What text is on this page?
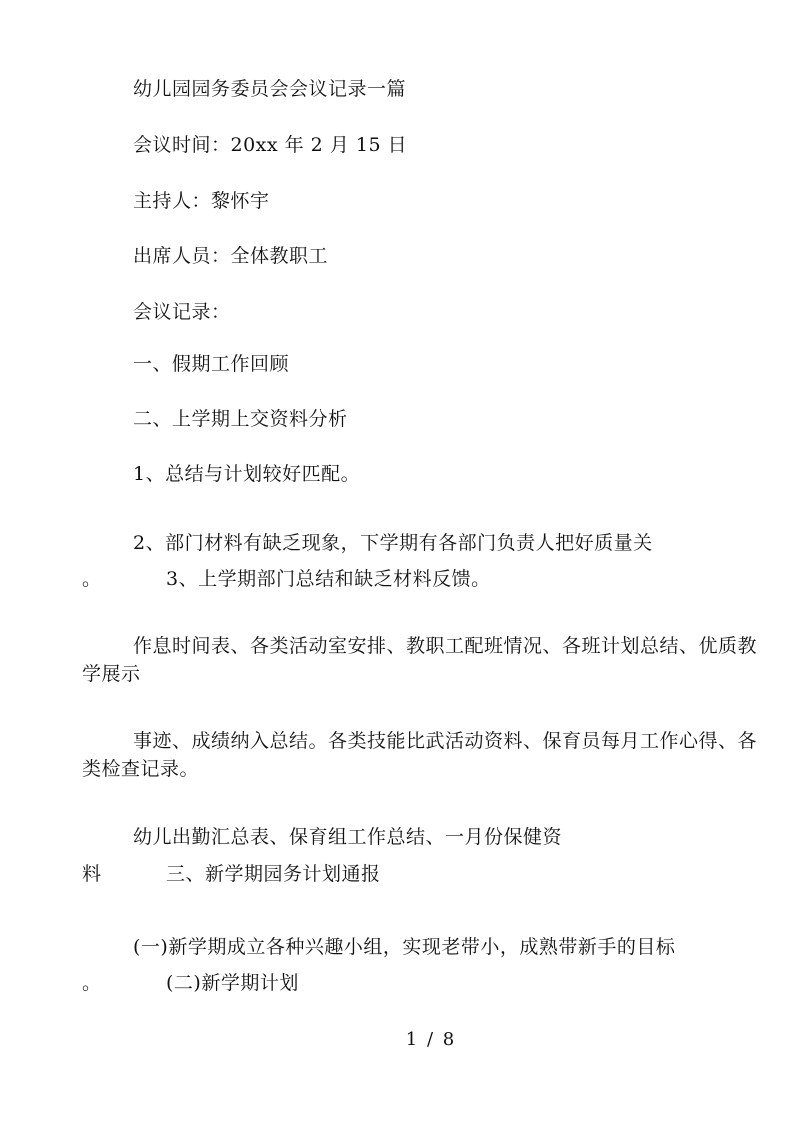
幼儿园园务委员会会议记录一篇
会议时间：20xx 年 2 月 15 日
主持人：黎怀宇
出席人员：全体教职工
会议记录：
一、假期工作回顾
二、上学期上交资料分析
1、总结与计划较好匹配。
2、部门材料有缺乏现象，下学期有各部门负责人把好质量关
。	3、上学期部门总结和缺乏材料反馈。
作息时间表、各类活动室安排、教职工配班情况、各班计划总结、优质教
学展示
事迹、成绩纳入总结。各类技能比武活动资料、保育员每月工作心得、各
类检查记录。
幼儿出勤汇总表、保育组工作总结、一月份保健资
料	三、新学期园务计划通报
(一)新学期成立各种兴趣小组，实现老带小，成熟带新手的目标
。	(二)新学期计划
1 / 8
